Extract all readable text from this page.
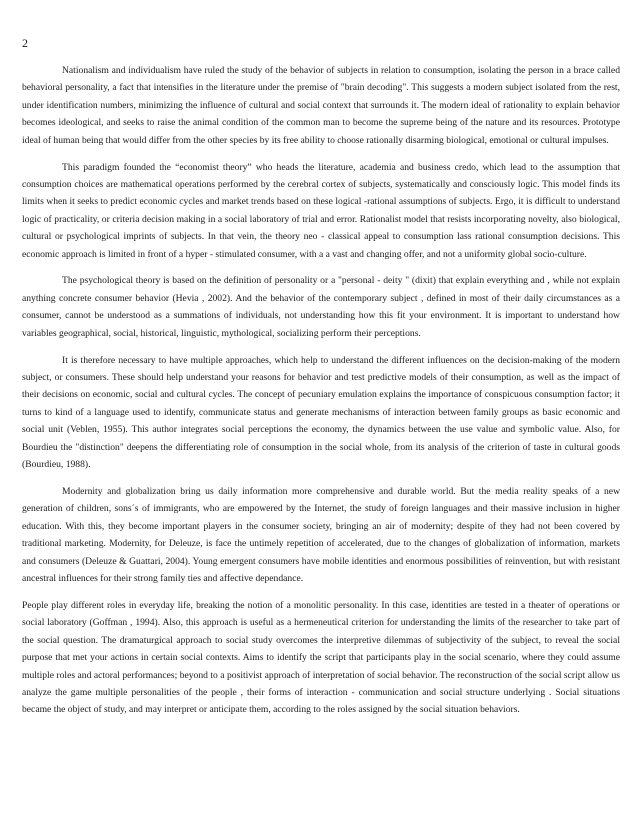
2

Nationalism and individualism have ruled the study of the behavior of subjects in relation to consumption, isolating the person in a brace called behavioral personality, a fact that intensifies in the literature under the premise of "brain decoding". This suggests a modern subject isolated from the rest, under identification numbers, minimizing the influence of cultural and social context that surrounds it. The modern ideal of rationality to explain behavior becomes ideological, and seeks to raise the animal condition of the common man to become the supreme being of the nature and its resources. Prototype ideal of human being that would differ from the other species by its free ability to choose rationally disarming biological, emotional or cultural impulses.

This paradigm founded the “economist theory” who heads the literature, academia and business credo, which lead to the assumption that consumption choices are mathematical operations performed by the cerebral cortex of subjects, systematically and consciously logic. This model finds its limits when it seeks to predict economic cycles and market trends based on these logical -rational assumptions of subjects. Ergo, it is difficult to understand logic of practicality, or criteria decision making in a social laboratory of trial and error. Rationalist model that resists incorporating novelty, also biological, cultural or psychological imprints of subjects. In that vein, the theory neo - classical appeal to consumption lass rational consumption decisions. This economic approach is limited in front of a hyper - stimulated consumer, with a a vast and changing offer, and not a uniformity global socio-culture.

The psychological theory is based on the definition of personality or a "personal - deity " (dixit) that explain everything and , while not explain anything concrete consumer behavior (Hevia , 2002). And the behavior of the contemporary subject , defined in most of their daily circumstances as a consumer, cannot be understood as a summations of individuals, not understanding how this fit your environment. It is important to understand how variables geographical, social, historical, linguistic, mythological, socializing perform their perceptions.

It is therefore necessary to have multiple approaches, which help to understand the different influences on the decision-making of the modern subject, or consumers. These should help understand your reasons for behavior and test predictive models of their consumption, as well as the impact of their decisions on economic, social and cultural cycles. The concept of pecuniary emulation explains the importance of conspicuous consumption factor; it turns to kind of a language used to identify, communicate status and generate mechanisms of interaction between family groups as basic economic and social unit (Veblen, 1955). This author integrates social perceptions the economy, the dynamics between the use value and symbolic value. Also, for Bourdieu the "distinction" deepens the differentiating role of consumption in the social whole, from its analysis of the criterion of taste in cultural goods (Bourdieu, 1988).

Modernity and globalization bring us daily information more comprehensive and durable world. But the media reality speaks of a new generation of children, sons´s of immigrants, who are empowered by the Internet, the study of foreign languages and their massive inclusion in higher education. With this, they become important players in the consumer society, bringing an air of modernity; despite of they had not been covered by traditional marketing. Modernity, for Deleuze, is face the untimely repetition of accelerated, due to the changes of globalization of information, markets and consumers (Deleuze & Guattari, 2004). Young emergent consumers have mobile identities and enormous possibilities of reinvention, but with resistant ancestral influences for their strong family ties and affective dependance.

People play different roles in everyday life, breaking the notion of a monolitic personality. In this case, identities are tested in a theater of operations or social laboratory (Goffman , 1994). Also, this approach is useful as a hermeneutical criterion for understanding the limits of the researcher to take part of the social question. The dramaturgical approach to social study overcomes the interpretive dilemmas of subjectivity of the subject, to reveal the social purpose that met your actions in certain social contexts. Aims to identify the script that participants play in the social scenario, where they could assume multiple roles and actoral performances; beyond to a positivist approach of interpretation of social behavior. The reconstruction of the social script allow us analyze the game multiple personalities of the people , their forms of interaction - communication and social structure underlying . Social situations became the object of study, and may interpret or anticipate them, according to the roles assigned by the social situation behaviors.
